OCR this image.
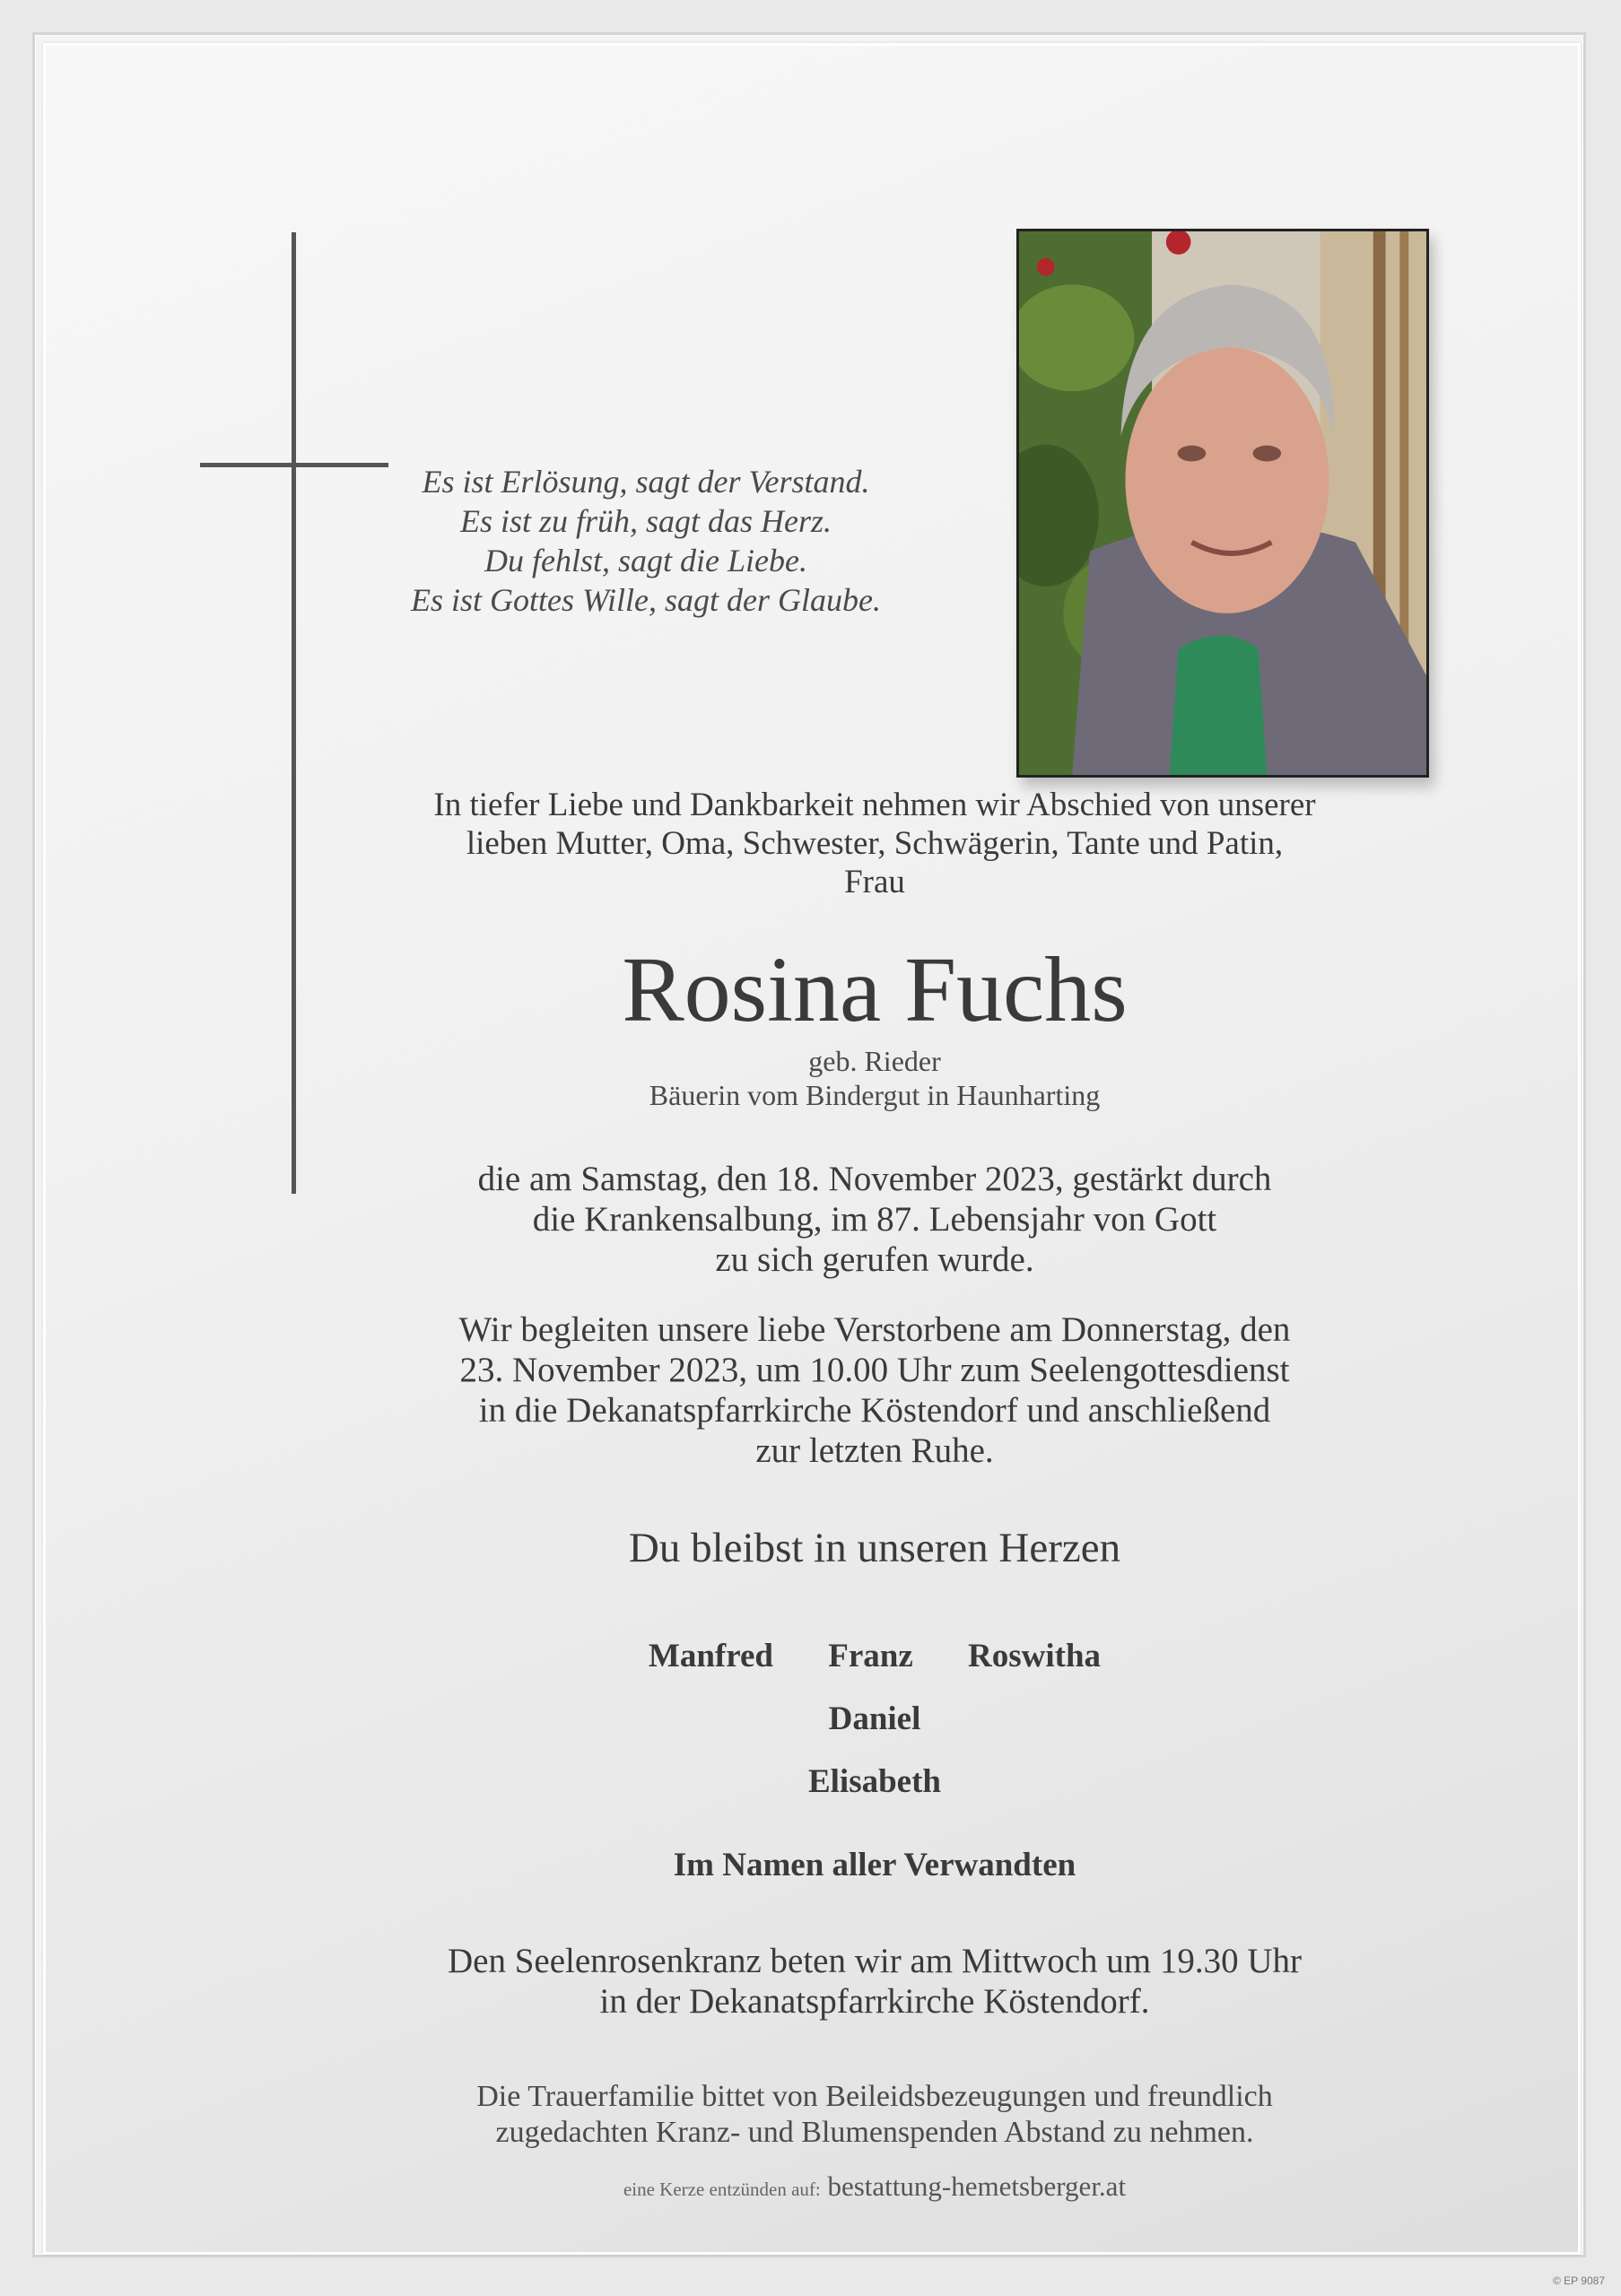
Es ist Erlösung, sagt der Verstand.
Es ist zu früh, sagt das Herz.
Du fehlst, sagt die Liebe.
Es ist Gottes Wille, sagt der Glaube.
In tiefer Liebe und Dankbarkeit nehmen wir Abschied von unserer
lieben Mutter, Oma, Schwester, Schwägerin, Tante und Patin,
Frau
Rosina Fuchs
geb. Rieder
Bäuerin vom Bindergut in Haunharting
die am Samstag, den 18. November 2023, gestärkt durch
die Krankensalbung, im 87. Lebensjahr von Gott
zu sich gerufen wurde.
Wir begleiten unsere liebe Verstorbene am Donnerstag, den
23. November 2023, um 10.00 Uhr zum Seelengottesdienst
in die Dekanatspfarrkirche Köstendorf und anschließend
zur letzten Ruhe.
Du bleibst in unseren Herzen
Manfred Franz Roswitha
Daniel
Elisabeth
Im Namen aller Verwandten
Den Seelenrosenkranz beten wir am Mittwoch um 19.30 Uhr
in der Dekanatspfarrkirche Köstendorf.
Die Trauerfamilie bittet von Beileidsbezeugungen und freundlich
zugedachten Kranz- und Blumenspenden Abstand zu nehmen.
eine Kerze entzünden auf: bestattung-hemetsberger.at
© EP 9087
